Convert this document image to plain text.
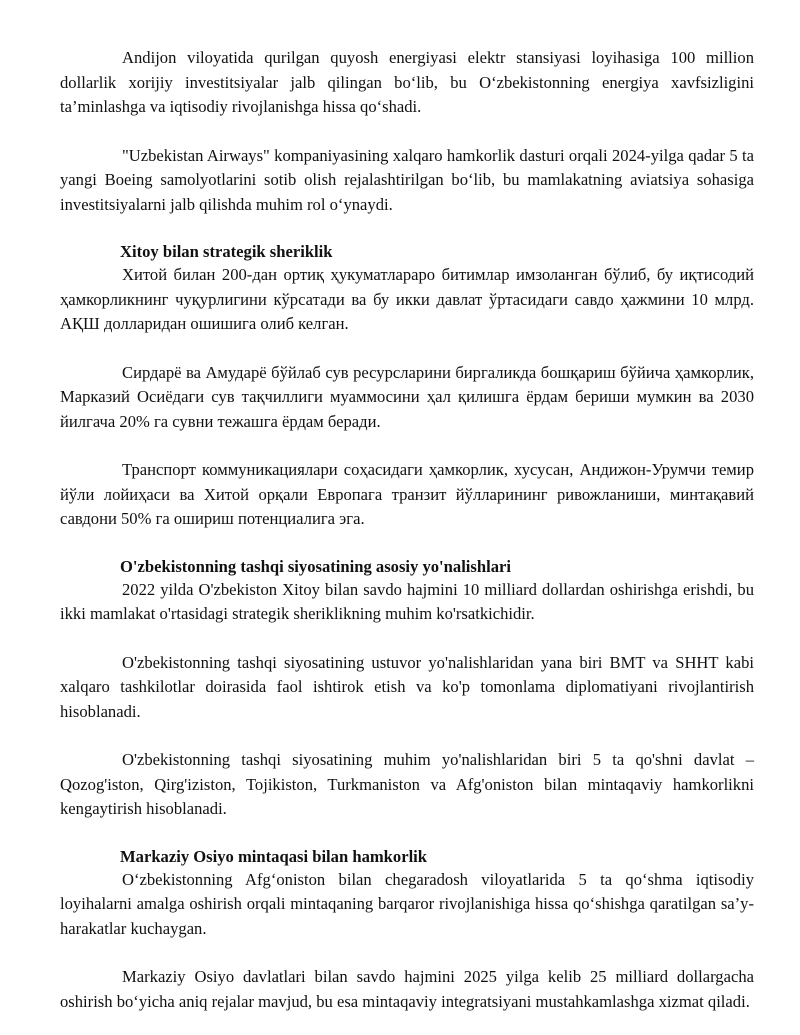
Andijon viloyatida qurilgan quyosh energiyasi elektr stansiyasi loyihasiga 100 million dollarlik xorijiy investitsiyalar jalb qilingan bo‘lib, bu O‘zbekistonning energiya xavfsizligini ta’minlashga va iqtisodiy rivojlanishga hissa qo‘shadi.

"Uzbekistan Airways" kompaniyasining xalqaro hamkorlik dasturi orqali 2024-yilga qadar 5 ta yangi Boeing samolyotlarini sotib olish rejalashtirilgan bo‘lib, bu mamlakatning aviatsiya sohasiga investitsiyalarni jalb qilishda muhim rol o‘ynaydi.

Xitoy bilan strategik sheriklik

Хитой билан 200-дан ортиқ ҳукуматлараро битимлар имзоланган бўлиб, бу иқтисодий ҳамкорликнинг чуқурлигини кўрсатади ва бу икки давлат ўртасидаги савдо ҳажмини 10 млрд. АҚШ долларидан ошишига олиб келган.

Сирдарё ва Амударё бўйлаб сув ресурсларини биргаликда бошқариш бўйича ҳамкорлик, Марказий Осиёдаги сув тақчиллиги муаммосини ҳал қилишга ёрдам бериши мумкин ва 2030 йилгача 20% га сувни тежашга ёрдам беради.

Транспорт коммуникациялари соҳасидаги ҳамкорлик, хусусан, Андижон-Урумчи темир йўли лойиҳаси ва Хитой орқали Европага транзит йўлларининг ривожланиши, минтақавий савдони 50% га ошириш потенциалига эга.

O'zbekistonning tashqi siyosatining asosiy yo'nalishlari

2022 yilda O'zbekiston Xitoy bilan savdo hajmini 10 milliard dollardan oshirishga erishdi, bu ikki mamlakat o'rtasidagi strategik sheriklikning muhim ko'rsatkichidir.

O'zbekistonning tashqi siyosatining ustuvor yo'nalishlaridan yana biri BMT va SHHT kabi xalqaro tashkilotlar doirasida faol ishtirok etish va ko'p tomonlama diplomatiyani rivojlantirish hisoblanadi.

O'zbekistonning tashqi siyosatining muhim yo'nalishlaridan biri 5 ta qo'shni davlat – Qozog'iston, Qirg'iziston, Tojikiston, Turkmaniston va Afg'oniston bilan mintaqaviy hamkorlikni kengaytirish hisoblanadi.

Markaziy Osiyo mintaqasi bilan hamkorlik

O‘zbekistonning Afg‘oniston bilan chegaradosh viloyatlarida 5 ta qo‘shma iqtisodiy loyihalarni amalga oshirish orqali mintaqaning barqaror rivojlanishiga hissa qo‘shishga qaratilgan sa’y-harakatlar kuchaygan.

Markaziy Osiyo davlatlari bilan savdo hajmini 2025 yilga kelib 25 milliard dollargacha oshirish bo‘yicha aniq rejalar mavjud, bu esa mintaqaviy integratsiyani mustahkamlashga xizmat qiladi.
